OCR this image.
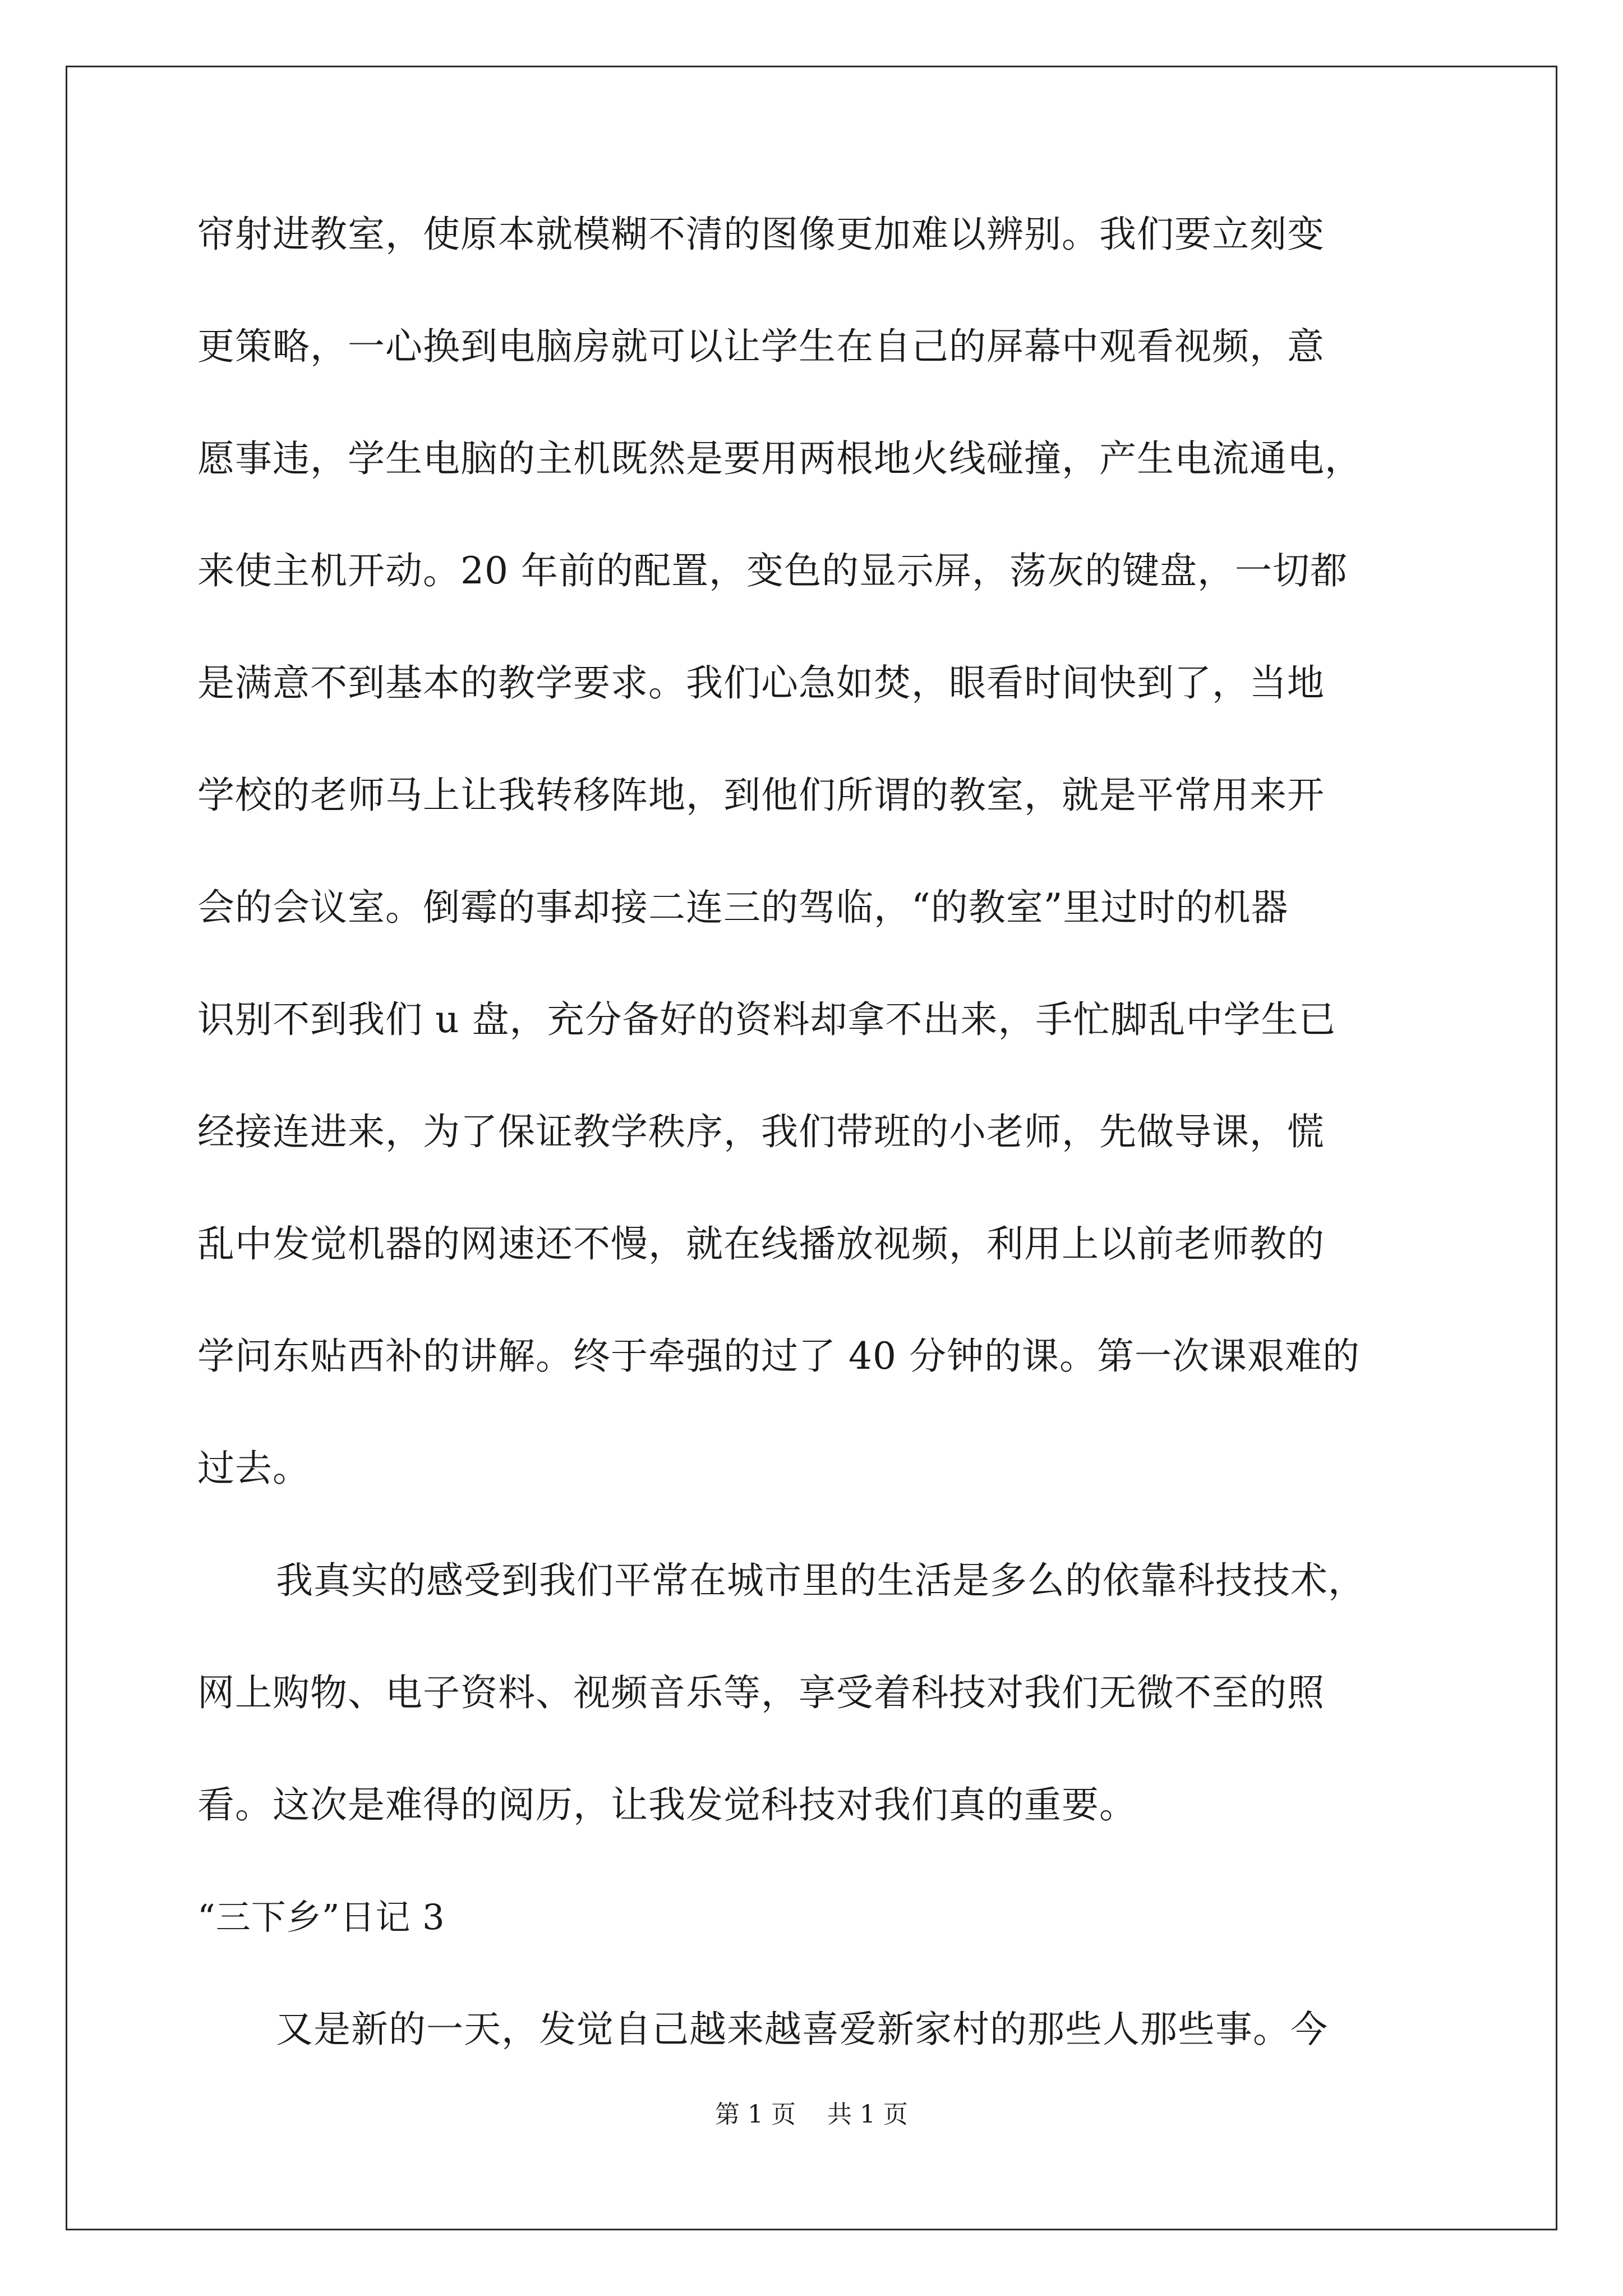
帘射进教室，使原本就模糊不清的图像更加难以辨别。我们要立刻变
更策略，一心换到电脑房就可以让学生在自己的屏幕中观看视频，意
愿事违，学生电脑的主机既然是要用两根地火线碰撞，产生电流通电，
来使主机开动。20 年前的配置，变色的显示屏，荡灰的键盘，一切都
是满意不到基本的教学要求。我们心急如焚，眼看时间快到了，当地
学校的老师马上让我转移阵地，到他们所谓的教室，就是平常用来开
会的会议室。倒霉的事却接二连三的驾临，“的教室”里过时的机器
识别不到我们 u 盘，充分备好的资料却拿不出来，手忙脚乱中学生已
经接连进来，为了保证教学秩序，我们带班的小老师，先做导课，慌
乱中发觉机器的网速还不慢，就在线播放视频，利用上以前老师教的
学问东贴西补的讲解。终于牵强的过了 40 分钟的课。第一次课艰难的
过去。
我真实的感受到我们平常在城市里的生活是多么的依靠科技技术，
网上购物、电子资料、视频音乐等，享受着科技对我们无微不至的照
看。这次是难得的阅历，让我发觉科技对我们真的重要。
“三下乡”日记 3
又是新的一天，发觉自己越来越喜爱新家村的那些人那些事。今
第 1 页    共 1 页
